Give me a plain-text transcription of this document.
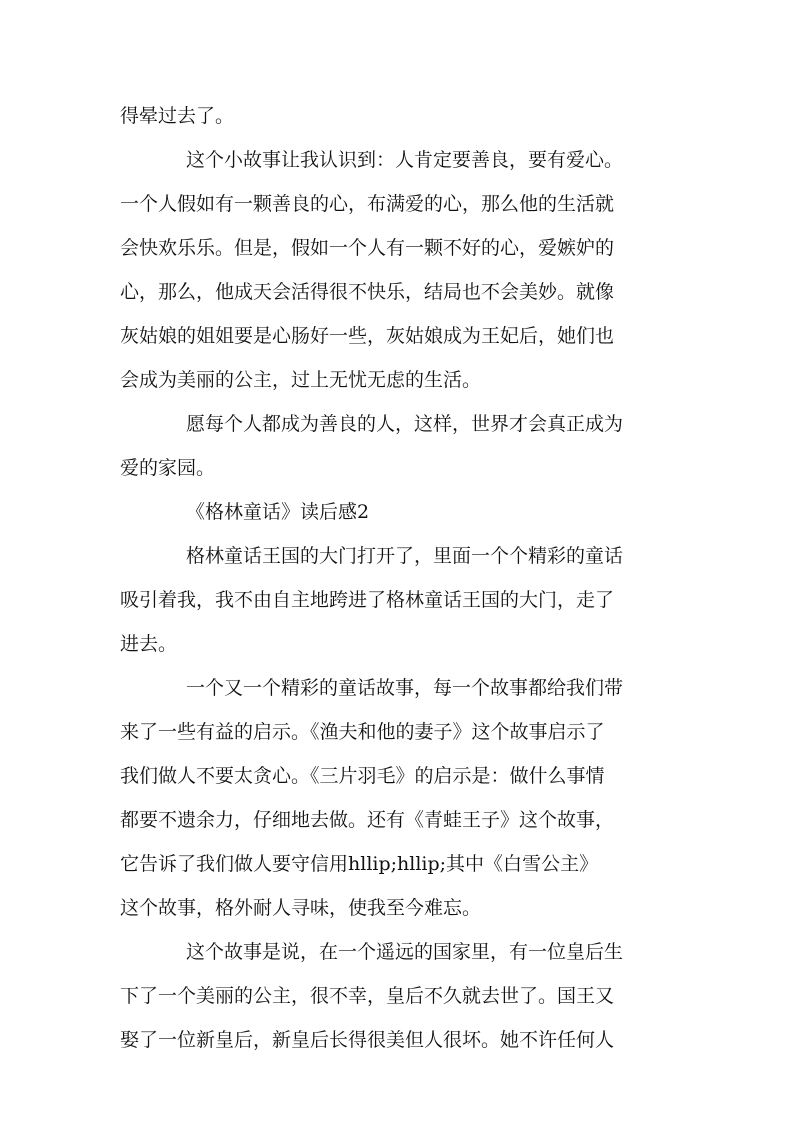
得晕过去了。
这个小故事让我认识到：人肯定要善良，要有爱心。
一个人假如有一颗善良的心，布满爱的心，那么他的生活就
会快欢乐乐。但是，假如一个人有一颗不好的心，爱嫉妒的
心，那么，他成天会活得很不快乐，结局也不会美妙。就像
灰姑娘的姐姐要是心肠好一些，灰姑娘成为王妃后，她们也
会成为美丽的公主，过上无忧无虑的生活。
愿每个人都成为善良的人，这样，世界才会真正成为
爱的家园。
《格林童话》读后感2
格林童话王国的大门打开了，里面一个个精彩的童话
吸引着我，我不由自主地跨进了格林童话王国的大门，走了
进去。
一个又一个精彩的童话故事，每一个故事都给我们带
来了一些有益的启示。《渔夫和他的妻子》这个故事启示了
我们做人不要太贪心。《三片羽毛》的启示是：做什么事情
都要不遗余力，仔细地去做。还有《青蛙王子》这个故事，
它告诉了我们做人要守信用hllip;hllip;其中《白雪公主》
这个故事，格外耐人寻味，使我至今难忘。
这个故事是说，在一个遥远的国家里，有一位皇后生
下了一个美丽的公主，很不幸，皇后不久就去世了。国王又
娶了一位新皇后，新皇后长得很美但人很坏。她不许任何人
